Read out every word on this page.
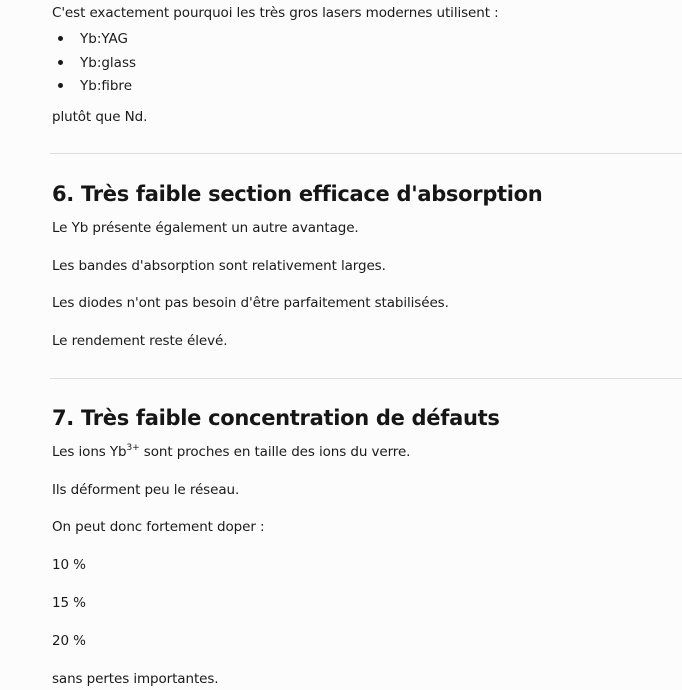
C'est exactement pourquoi les très gros lasers modernes utilisent :
Yb:YAG
Yb:glass
Yb:fibre
plutôt que Nd.
6. Très faible section efficace d'absorption
Le Yb présente également un autre avantage.
Les bandes d'absorption sont relativement larges.
Les diodes n'ont pas besoin d'être parfaitement stabilisées.
Le rendement reste élevé.
7. Très faible concentration de défauts
Les ions $Yb^{3+}$ sont proches en taille des ions du verre.
Ils déforment peu le réseau.
On peut donc fortement doper :
10 %
15 %
20 %
sans pertes importantes.
